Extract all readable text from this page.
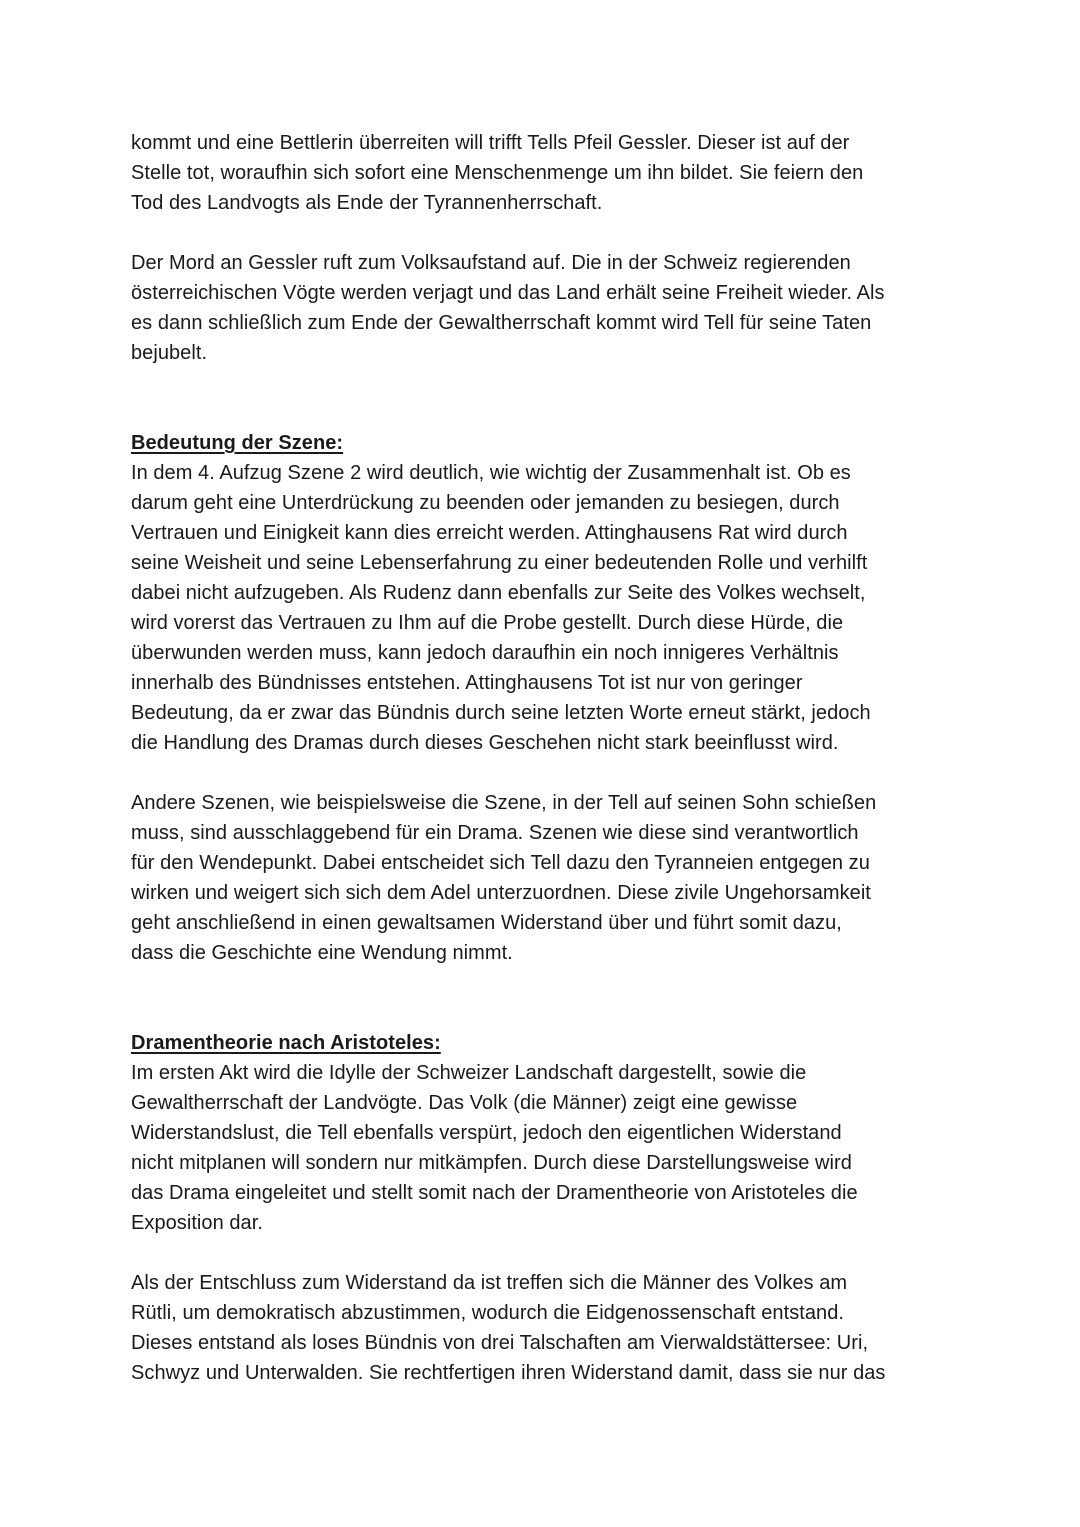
kommt und eine Bettlerin überreiten will trifft Tells Pfeil Gessler. Dieser ist auf der

Stelle tot, woraufhin sich sofort eine Menschenmenge um ihn bildet. Sie feiern den

Tod des Landvogts als Ende der Tyrannenherrschaft.

Der Mord an Gessler ruft zum Volksaufstand auf. Die in der Schweiz regierenden

österreichischen Vögte werden verjagt und das Land erhält seine Freiheit wieder. Als

es dann schließlich zum Ende der Gewaltherrschaft kommt wird Tell für seine Taten

bejubelt.

Bedeutung der Szene:

In dem 4. Aufzug Szene 2 wird deutlich, wie wichtig der Zusammenhalt ist. Ob es

darum geht eine Unterdrückung zu beenden oder jemanden zu besiegen, durch

Vertrauen und Einigkeit kann dies erreicht werden. Attinghausens Rat wird durch

seine Weisheit und seine Lebenserfahrung zu einer bedeutenden Rolle und verhilft

dabei nicht aufzugeben. Als Rudenz dann ebenfalls zur Seite des Volkes wechselt,

wird vorerst das Vertrauen zu Ihm auf die Probe gestellt. Durch diese Hürde, die

überwunden werden muss, kann jedoch daraufhin ein noch innigeres Verhältnis

innerhalb des Bündnisses entstehen. Attinghausens Tot ist nur von geringer

Bedeutung, da er zwar das Bündnis durch seine letzten Worte erneut stärkt, jedoch

die Handlung des Dramas durch dieses Geschehen nicht stark beeinflusst wird.

Andere Szenen, wie beispielsweise die Szene, in der Tell auf seinen Sohn schießen

muss, sind ausschlaggebend für ein Drama. Szenen wie diese sind verantwortlich

für den Wendepunkt. Dabei entscheidet sich Tell dazu den Tyranneien entgegen zu

wirken und weigert sich sich dem Adel unterzuordnen. Diese zivile Ungehorsamkeit

geht anschließend in einen gewaltsamen Widerstand über und führt somit dazu,

dass die Geschichte eine Wendung nimmt.

Dramentheorie nach Aristoteles:

Im ersten Akt wird die Idylle der Schweizer Landschaft dargestellt, sowie die

Gewaltherrschaft der Landvögte. Das Volk (die Männer) zeigt eine gewisse

Widerstandslust, die Tell ebenfalls verspürt, jedoch den eigentlichen Widerstand

nicht mitplanen will sondern nur mitkämpfen. Durch diese Darstellungsweise wird

das Drama eingeleitet und stellt somit nach der Dramentheorie von Aristoteles die

Exposition dar.

Als der Entschluss zum Widerstand da ist treffen sich die Männer des Volkes am

Rütli, um demokratisch abzustimmen, wodurch die Eidgenossenschaft entstand.

Dieses entstand als loses Bündnis von drei Talschaften am Vierwaldstättersee: Uri,

Schwyz und Unterwalden. Sie rechtfertigen ihren Widerstand damit, dass sie nur das
